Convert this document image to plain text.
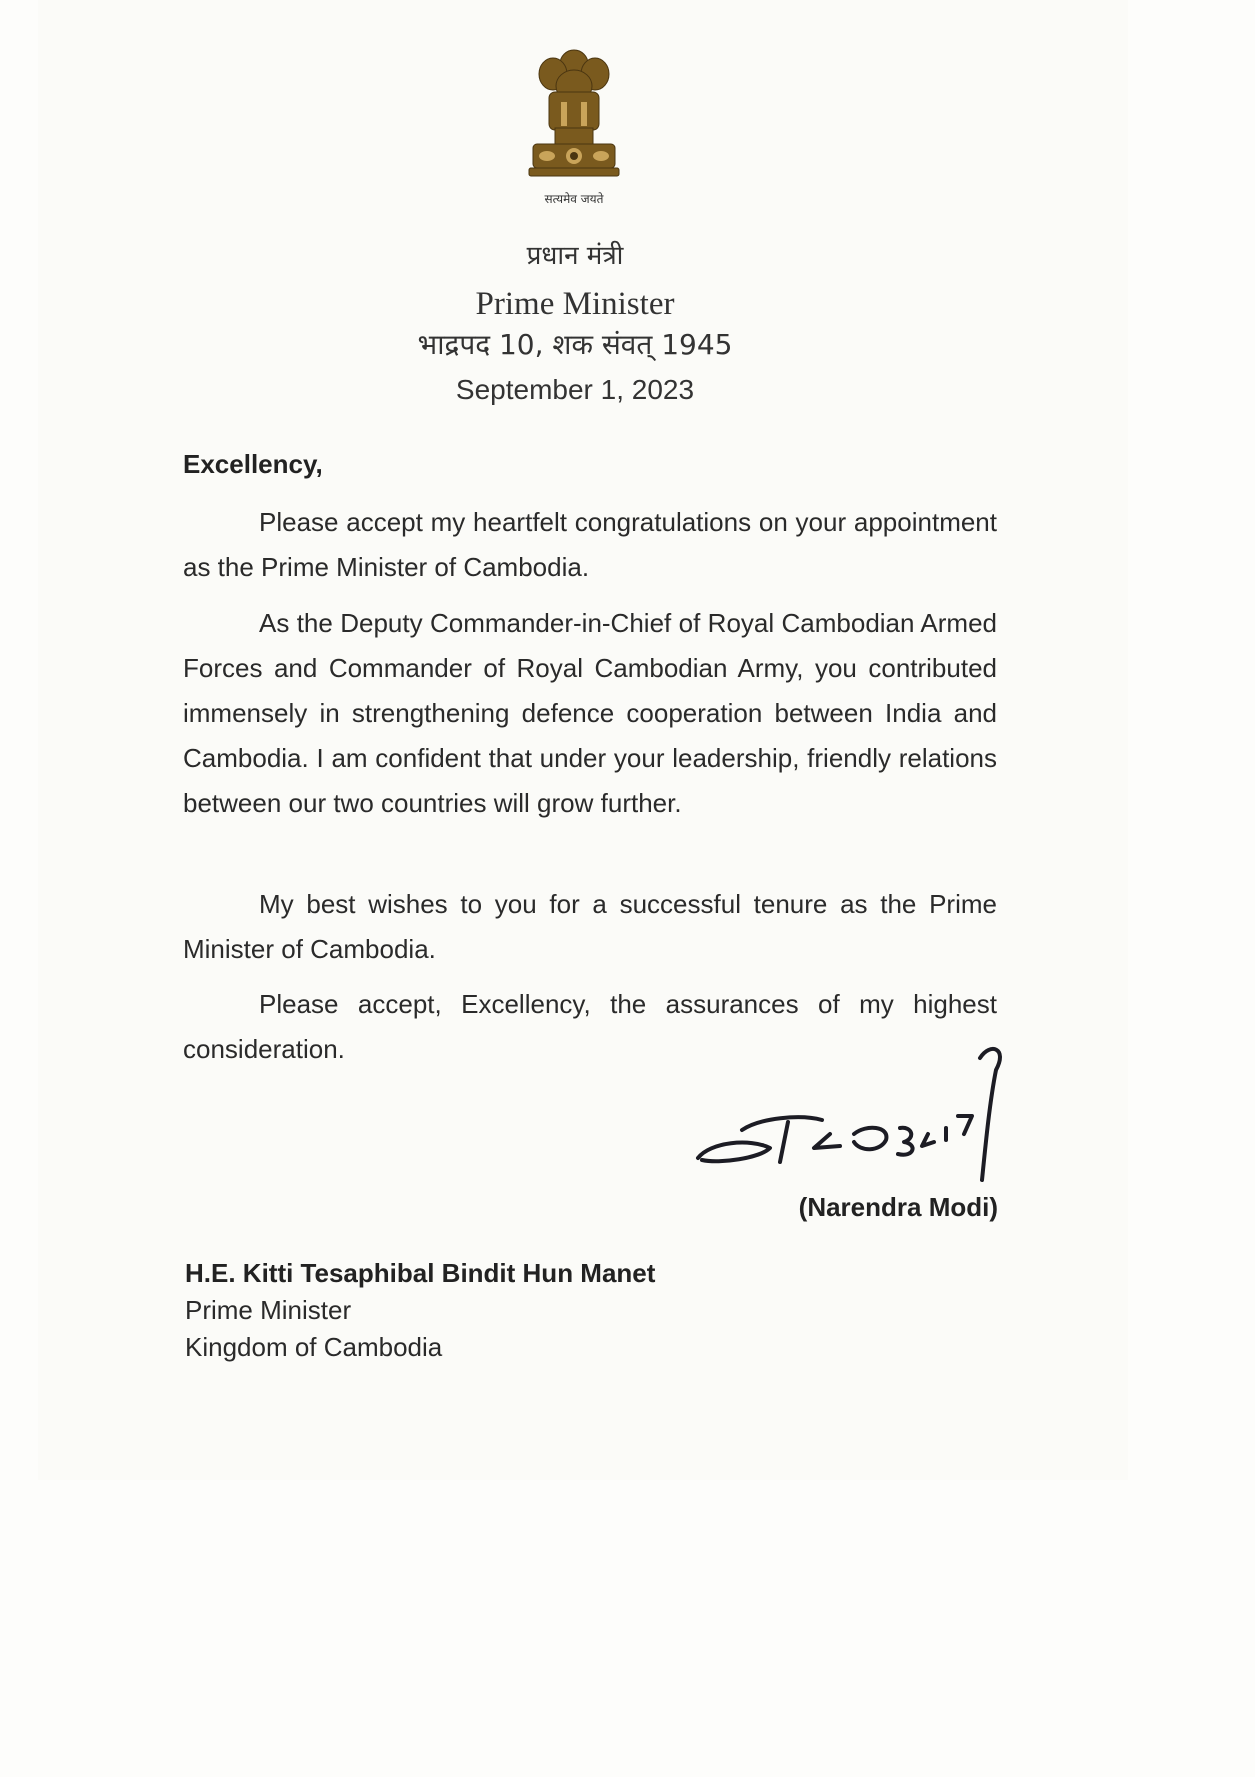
सत्यमेव जयते
प्रधान मंत्री
Prime Minister
भाद्रपद 10, शक संवत् 1945
September 1, 2023
Excellency,
Please accept my heartfelt congratulations on your appointment as the Prime Minister of Cambodia.
As the Deputy Commander-in-Chief of Royal Cambodian Armed Forces and Commander of Royal Cambodian Army, you contributed immensely in strengthening defence cooperation between India and Cambodia. I am confident that under your leadership, friendly relations between our two countries will grow further.
My best wishes to you for a successful tenure as the Prime Minister of Cambodia.
Please accept, Excellency, the assurances of my highest consideration.
(Narendra Modi)
H.E. Kitti Tesaphibal Bindit Hun Manet
Prime Minister
Kingdom of Cambodia
